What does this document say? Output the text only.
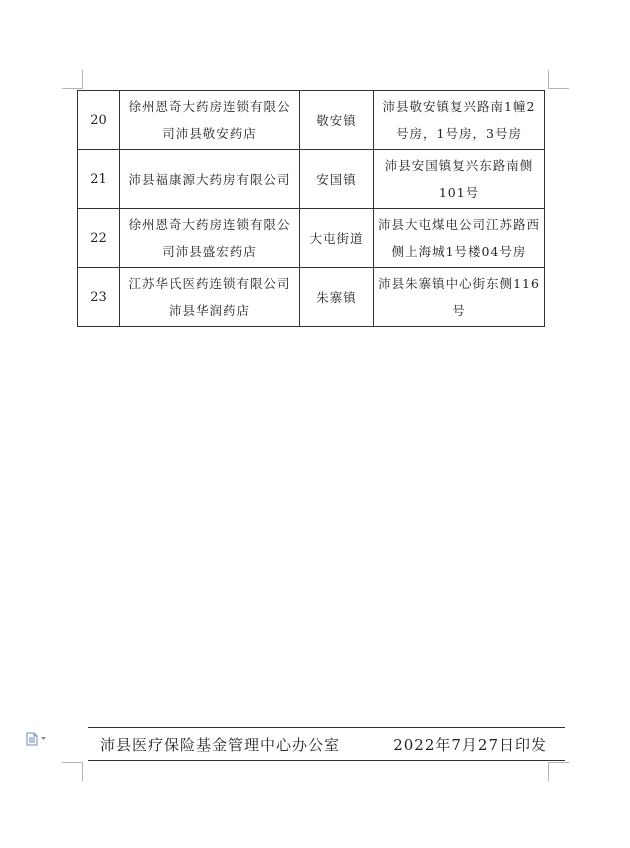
20	徐州恩奇大药房连锁有限公司沛县敬安药店	敬安镇	沛县敬安镇复兴路南1幢2号房，1号房，3号房
21	沛县福康源大药房有限公司	安国镇	沛县安国镇复兴东路南侧101号
22	徐州恩奇大药房连锁有限公司沛县盛宏药店	大屯街道	沛县大屯煤电公司江苏路西侧上海城1号楼04号房
23	江苏华氏医药连锁有限公司沛县华润药店	朱寨镇	沛县朱寨镇中心街东侧116号
沛县医疗保险基金管理中心办公室	2022年7月27日印发
